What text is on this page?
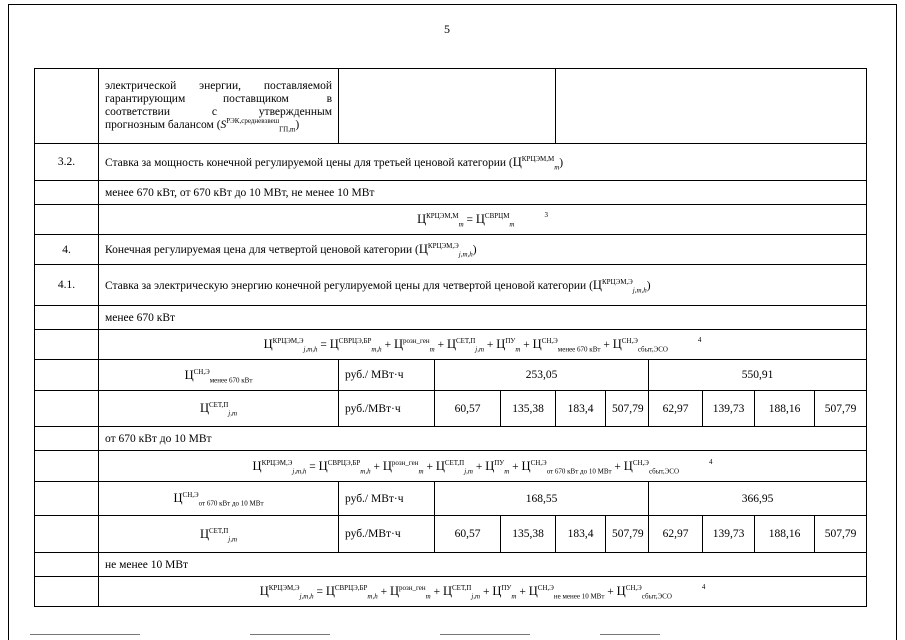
5

	электрической энергии, поставляемой
гарантирующим поставщиком в
соответствии с утвержденным
прогнозным балансом $(S^{РЭК,средневзвеш}_{ГП,m})$									

3.2.	Ставка за мощность конечной регулируемой цены для третьей ценовой категории $(Ц^{КРЦЭМ,М}_m)$									
	менее 670 кВт, от 670 кВт до 10 МВт, не менее 10 МВт									
	$Ц^{КРЦЭМ,М}_m = Ц^{СВРЦМ}_m^3$
4.	Конечная регулируемая цена для четвертой ценовой категории $(Ц^{КРЦЭМ,Э}_{j,m,h})$									
4.1.	Ставка за электрическую энергию конечной регулируемой цены для четвертой ценовой категории $(Ц^{КРЦЭМ,Э}_{j,m,h})$									
	менее 670 кВт									
	$Ц^{КРЦЭМ,Э}_{j,m,h} = Ц^{СВРЦЭ,БР}_{m,h} + Ц^{розн\_ген}_m + Ц^{СЕТ,П}_{j,m} + Ц^{ПУ}_m + Ц^{СН,Э}_{менее 670 кВт} + Ц^{СН,Э}_{сбыт,ЭСО}^4$
	$Ц^{СН,Э}_{менее 670 кВт}$	руб./ МВт·ч	253,05				550,91			
	$Ц^{СЕТ,П}_{j,m}$	руб./МВт·ч	60,57	135,38	183,4	507,79	62,97	139,73	188,16	507,79
	от 670 кВт до 10 МВт									
	$Ц^{КРЦЭМ,Э}_{j,m,h} = Ц^{СВРЦЭ,БР}_{m,h} + Ц^{розн\_ген}_m + Ц^{СЕТ,П}_{j,m} + Ц^{ПУ}_m + Ц^{СН,Э}_{от 670 кВт до 10 МВт} + Ц^{СН,Э}_{сбыт,ЭСО}^4$
	$Ц^{СН,Э}_{от 670 кВт до 10 МВт}$	руб./ МВт·ч	168,55				366,95			
	$Ц^{СЕТ,П}_{j,m}$	руб./МВт·ч	60,57	135,38	183,4	507,79	62,97	139,73	188,16	507,79
	не менее 10 МВт									
	$Ц^{КРЦЭМ,Э}_{j,m,h} = Ц^{СВРЦЭ,БР}_{m,h} + Ц^{розн\_ген}_m + Ц^{СЕТ,П}_{j,m} + Ц^{ПУ}_m + Ц^{СН,Э}_{не менее 10 МВт} + Ц^{СН,Э}_{сбыт,ЭСО}^4$
